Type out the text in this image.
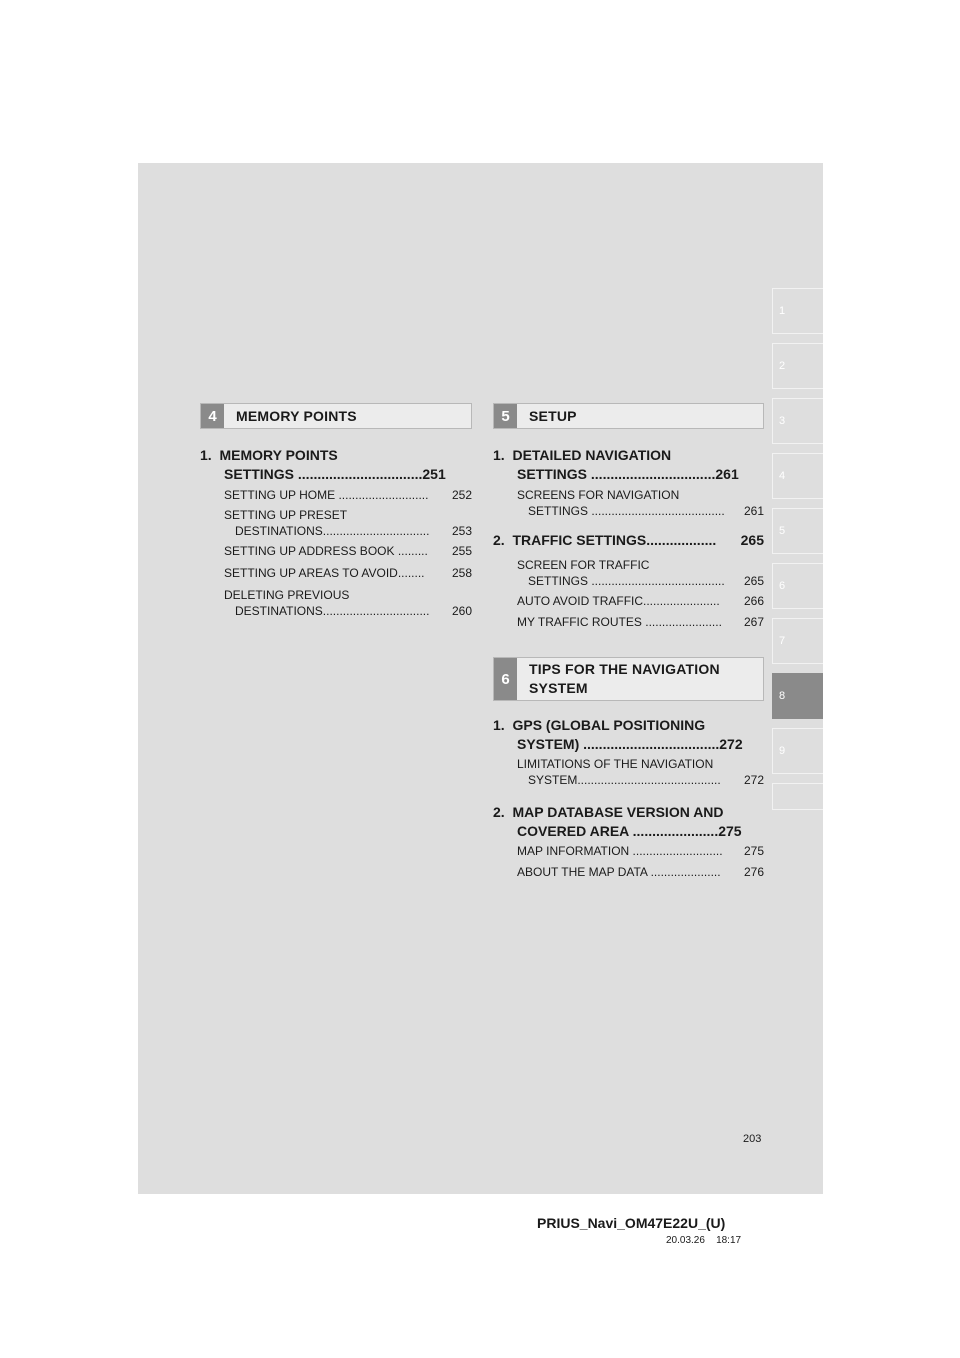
1
2
3
4
5
6
7
8
9
4	MEMORY POINTS
1. MEMORY POINTS
SETTINGS ................................251
SETTING UP HOME ........................... 252
SETTING UP PRESET
DESTINATIONS................................ 253
SETTING UP ADDRESS BOOK ......... 255
SETTING UP AREAS TO AVOID........ 258
DELETING PREVIOUS
DESTINATIONS................................ 260
5	SETUP
1. DETAILED NAVIGATION
SETTINGS ................................261
SCREENS FOR NAVIGATION
SETTINGS ........................................ 261
2. TRAFFIC SETTINGS.................. 265
SCREEN FOR TRAFFIC
SETTINGS ........................................ 265
AUTO AVOID TRAFFIC....................... 266
MY TRAFFIC ROUTES ....................... 267
6
TIPS FOR THE NAVIGATION
SYSTEM
1. GPS (GLOBAL POSITIONING
SYSTEM) ...................................272
LIMITATIONS OF THE NAVIGATION
SYSTEM........................................... 272
2. MAP DATABASE VERSION AND
COVERED AREA ......................275
MAP INFORMATION ........................... 275
ABOUT THE MAP DATA ..................... 276
203
PRIUS_Navi_OM47E22U_(U)
20.03.26 18:17
